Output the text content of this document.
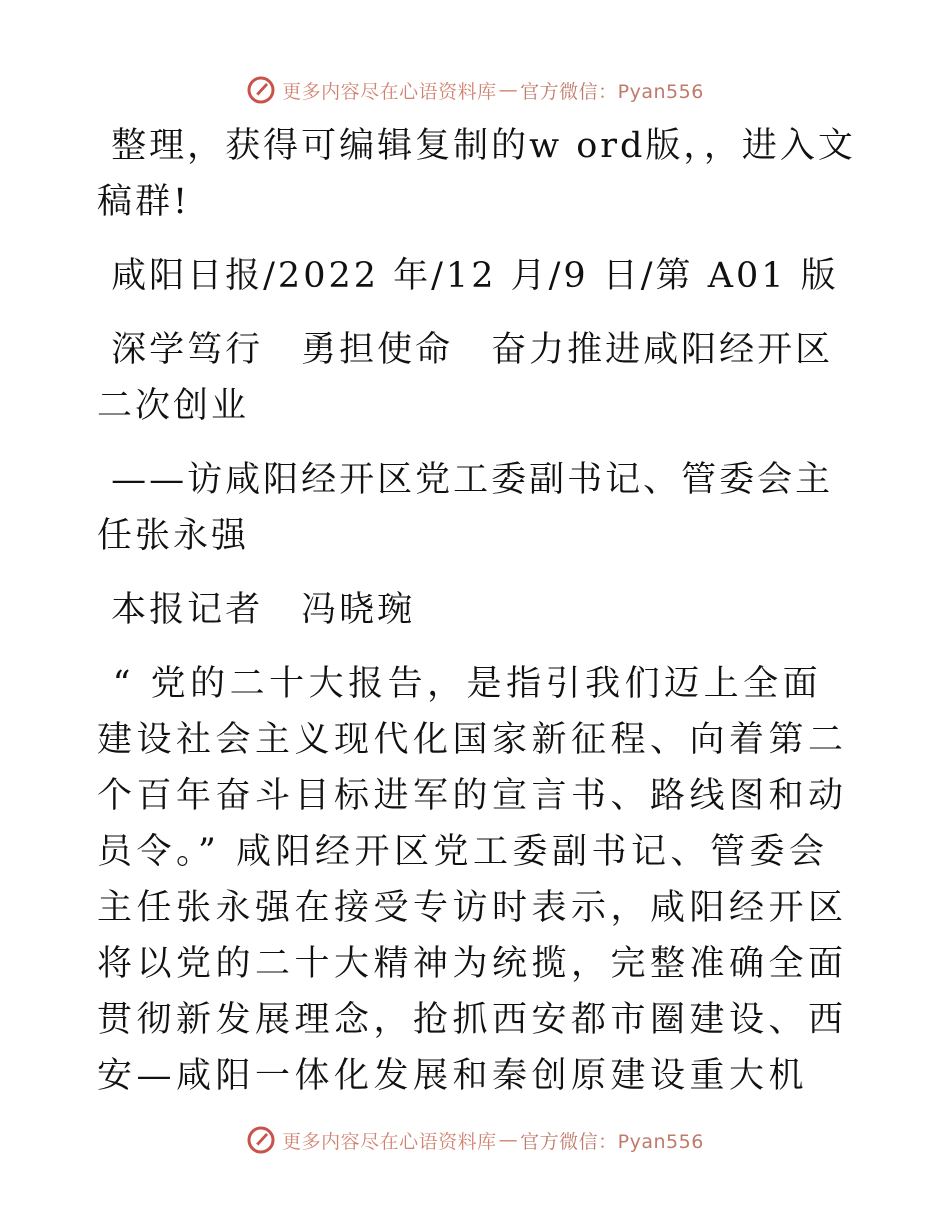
更多内容尽在心语资料库 — 官方微信：Pyan556

整理，获得可编辑复制的w ord版，，进入文稿群!

咸阳日报/2022 年/12 月/9 日/第 A01 版

深学笃行　勇担使命　奋力推进咸阳经开区二次创业

——访咸阳经开区党工委副书记、管委会主任张永强

本报记者　冯晓琬

“ 党的二十大报告，是指引我们迈上全面建设社会主义现代化国家新征程、向着第二个百年奋斗目标进军的宣言书、路线图和动员令。” 咸阳经开区党工委副书记、管委会主任张永强在接受专访时表示，咸阳经开区将以党的二十大精神为统揽，完整准确全面贯彻新发展理念，抢抓西安都市圈建设、西安—咸阳一体化发展和秦创原建设重大机

更多内容尽在心语资料库 — 官方微信：Pyan556
